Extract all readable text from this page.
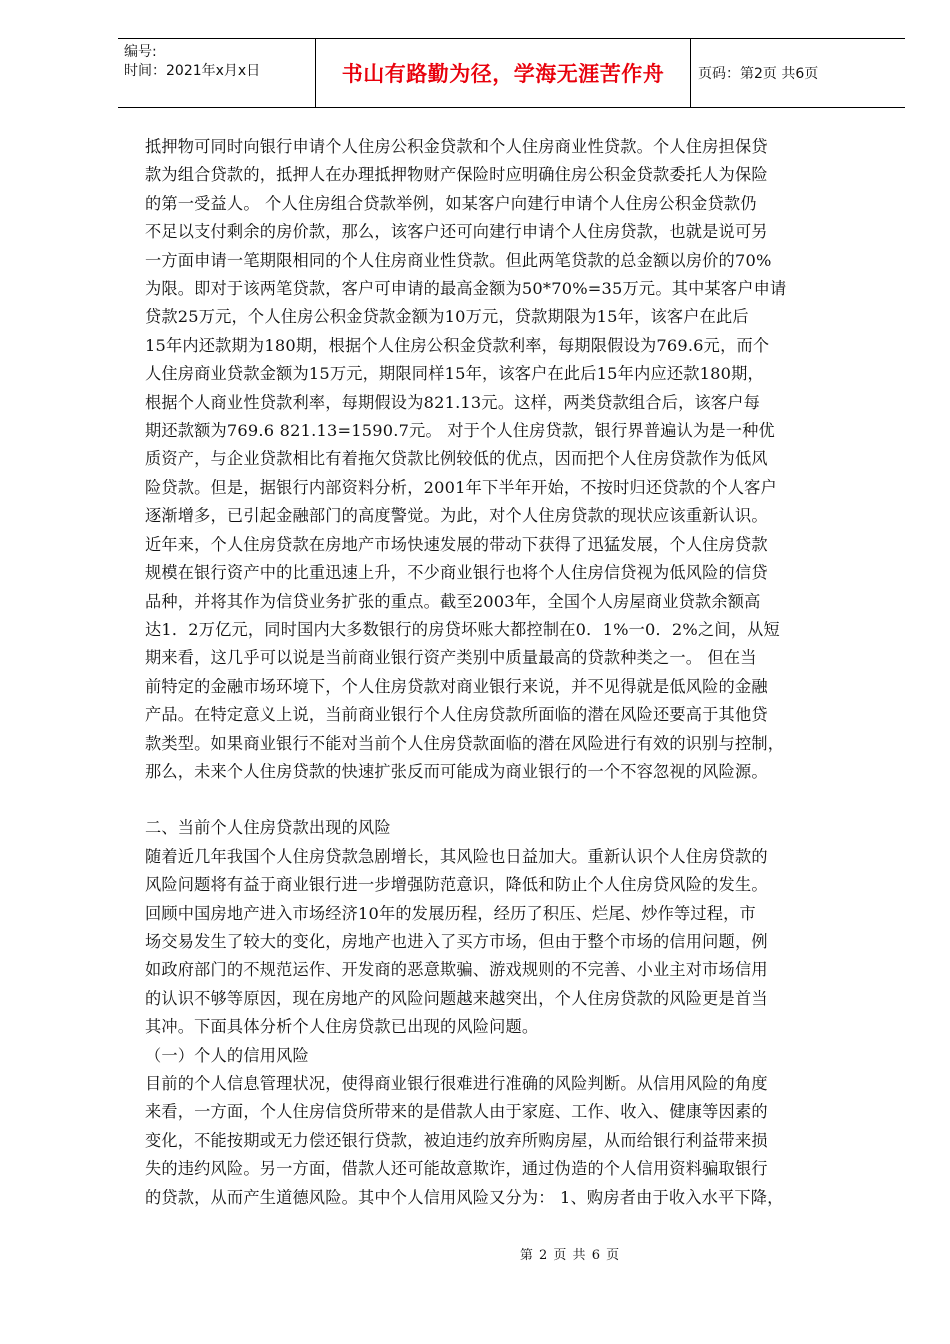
编号:
时间：2021年x月x日	书山有路勤为径，学海无涯苦作舟	页码：第2页 共6页

抵押物可同时向银行申请个人住房公积金贷款和个人住房商业性贷款。个人住房担保贷

款为组合贷款的，抵押人在办理抵押物财产保险时应明确住房公积金贷款委托人为保险

的第一受益人。 个人住房组合贷款举例，如某客户向建行申请个人住房公积金贷款仍

不足以支付剩余的房价款，那么，该客户还可向建行申请个人住房贷款，也就是说可另

一方面申请一笔期限相同的个人住房商业性贷款。但此两笔贷款的总金额以房价的70%

为限。即对于该两笔贷款，客户可申请的最高金额为50*70%=35万元。其中某客户申请

贷款25万元，个人住房公积金贷款金额为10万元，贷款期限为15年，该客户在此后

15年内还款期为180期，根据个人住房公积金贷款利率，每期限假设为769.6元，而个

人住房商业贷款金额为15万元，期限同样15年，该客户在此后15年内应还款180期，

根据个人商业性贷款利率，每期假设为821.13元。这样，两类贷款组合后，该客户每

期还款额为769.6 821.13=1590.7元。 对于个人住房贷款，银行界普遍认为是一种优

质资产，与企业贷款相比有着拖欠贷款比例较低的优点，因而把个人住房贷款作为低风

险贷款。但是，据银行内部资料分析，2001年下半年开始，不按时归还贷款的个人客户

逐渐增多，已引起金融部门的高度警觉。为此，对个人住房贷款的现状应该重新认识。

近年来，个人住房贷款在房地产市场快速发展的带动下获得了迅猛发展，个人住房贷款

规模在银行资产中的比重迅速上升，不少商业银行也将个人住房信贷视为低风险的信贷

品种，并将其作为信贷业务扩张的重点。截至2003年，全国个人房屋商业贷款余额高

达1．2万亿元，同时国内大多数银行的房贷坏账大都控制在0．1%一0．2%之间，从短

期来看，这几乎可以说是当前商业银行资产类别中质量最高的贷款种类之一。 但在当

前特定的金融市场环境下，个人住房贷款对商业银行来说，并不见得就是低风险的金融

产品。在特定意义上说，当前商业银行个人住房贷款所面临的潜在风险还要高于其他贷

款类型。如果商业银行不能对当前个人住房贷款面临的潜在风险进行有效的识别与控制，

那么，未来个人住房贷款的快速扩张反而可能成为商业银行的一个不容忽视的风险源。

二、当前个人住房贷款出现的风险

随着近几年我国个人住房贷款急剧增长，其风险也日益加大。重新认识个人住房贷款的

风险问题将有益于商业银行进一步增强防范意识，降低和防止个人住房贷风险的发生。

回顾中国房地产进入市场经济10年的发展历程，经历了积压、烂尾、炒作等过程，市

场交易发生了较大的变化，房地产也进入了买方市场，但由于整个市场的信用问题，例

如政府部门的不规范运作、开发商的恶意欺骗、游戏规则的不完善、小业主对市场信用

的认识不够等原因，现在房地产的风险问题越来越突出，个人住房贷款的风险更是首当

其冲。下面具体分析个人住房贷款已出现的风险问题。

（一）个人的信用风险

目前的个人信息管理状况，使得商业银行很难进行准确的风险判断。从信用风险的角度

来看，一方面，个人住房信贷所带来的是借款人由于家庭、工作、收入、健康等因素的

变化，不能按期或无力偿还银行贷款，被迫违约放弃所购房屋，从而给银行利益带来损

失的违约风险。另一方面，借款人还可能故意欺诈，通过伪造的个人信用资料骗取银行

的贷款，从而产生道德风险。其中个人信用风险又分为： 1、购房者由于收入水平下降，

第 2 页 共 6 页
